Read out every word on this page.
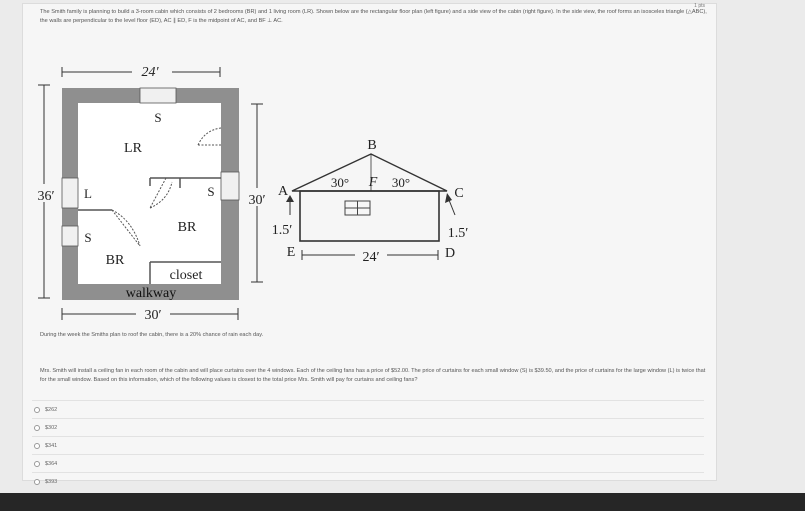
1 pts

The Smith family is planning to build a 3-room cabin which consists of 2 bedrooms (BR) and 1 living room (LR). Shown below are the rectangular floor plan (left figure) and a side view of the cabin (right figure). In the side view, the roof forms an isosceles triangle (△ABC), the walls are perpendicular to the level floor (ED), AC ∥ ED, F is the midpoint of AC, and BF ⊥ AC.

24′
36′
S
LR
L	S
S
BR
BR
closet
walkway
30′
30′
B
A	C
F
30°	30°
1.5′	1.5′
E	D
24′

During the week the Smiths plan to roof the cabin, there is a 20% chance of rain each day.

Mrs. Smith will install a ceiling fan in each room of the cabin and will place curtains over the 4 windows. Each of the ceiling fans has a price of $52.00. The price of curtains for each small window (S) is $39.50, and the price of curtains for the large window (L) is twice that for the small window. Based on this information, which of the following values is closest to the total price Mrs. Smith will pay for curtains and ceiling fans?

$262
$302
$341
$364
$393
